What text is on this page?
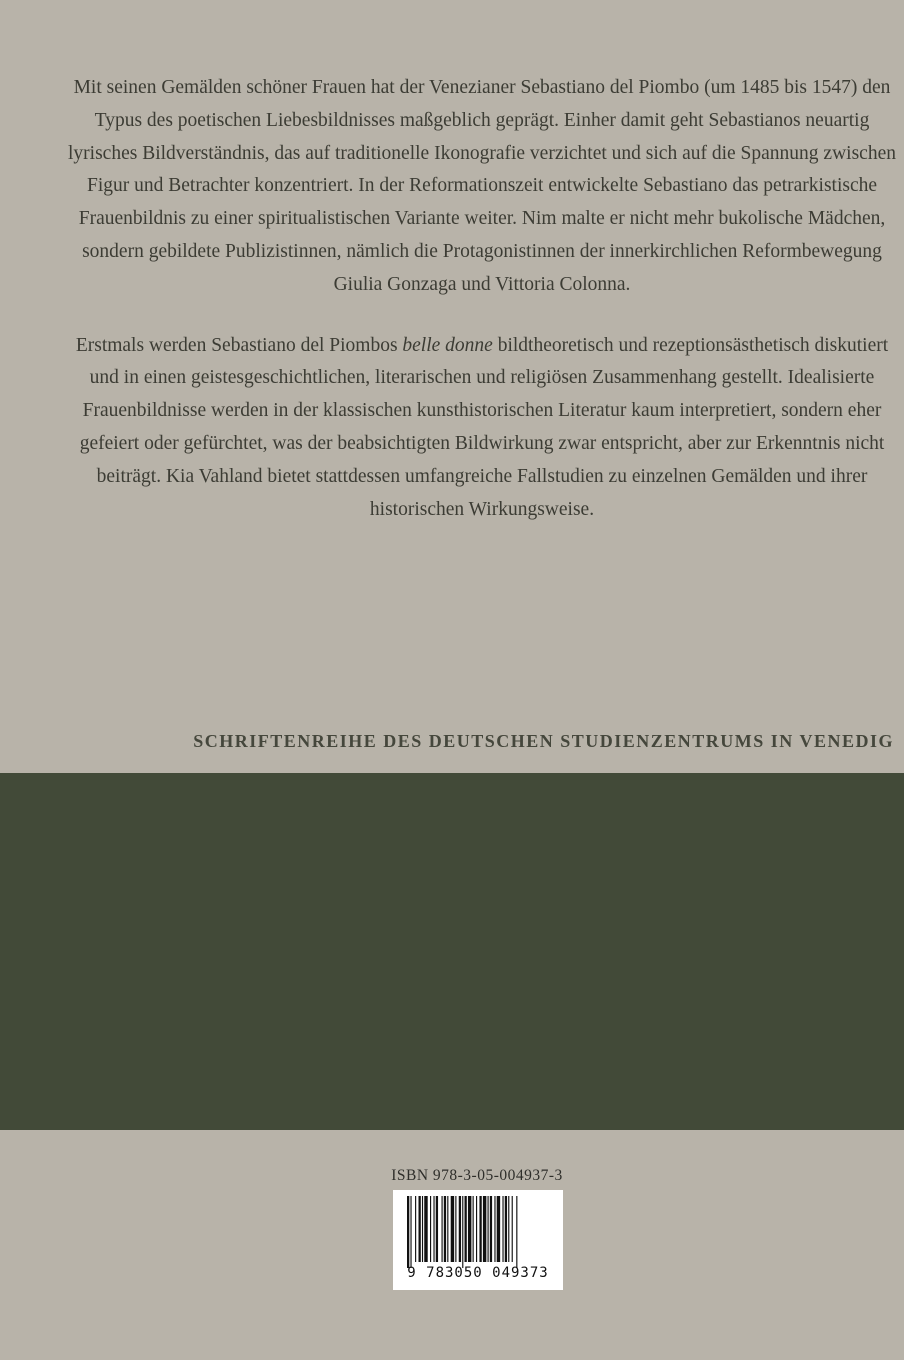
Mit seinen Gemälden schöner Frauen hat der Venezianer Sebastiano del Piombo (um 1485 bis 1547) den Typus des poetischen Liebesbildnisses maßgeblich geprägt. Einher damit geht Sebastianos neuartig lyrisches Bildverständnis, das auf traditionelle Ikonografie verzichtet und sich auf die Spannung zwischen Figur und Betrachter konzentriert. In der Reformationszeit entwickelte Sebastiano das petrarkistische Frauenbildnis zu einer spiritualistischen Variante weiter. Nim malte er nicht mehr bukolische Mädchen, sondern gebildete Publizistinnen, nämlich die Protagonistinnen der innerkirchlichen Reformbewegung Giulia Gonzaga und Vittoria Colonna.

Erstmals werden Sebastiano del Piombos belle donne bildtheoretisch und rezeptionsästhetisch diskutiert und in einen geistesgeschichtlichen, literarischen und religiösen Zusammenhang gestellt. Idealisierte Frauenbildnisse werden in der klassischen kunsthistorischen Literatur kaum interpretiert, sondern eher gefeiert oder gefürchtet, was der beabsichtigten Bildwirkung zwar entspricht, aber zur Erkenntnis nicht beiträgt. Kia Vahland bietet stattdessen umfangreiche Fallstudien zu einzelnen Gemälden und ihrer historischen Wirkungsweise.

SCHRIFTENREIHE DES DEUTSCHEN STUDIENZENTRUMS IN VENEDIG
ISBN 978-3-05-004937-3
9 783050 049373
